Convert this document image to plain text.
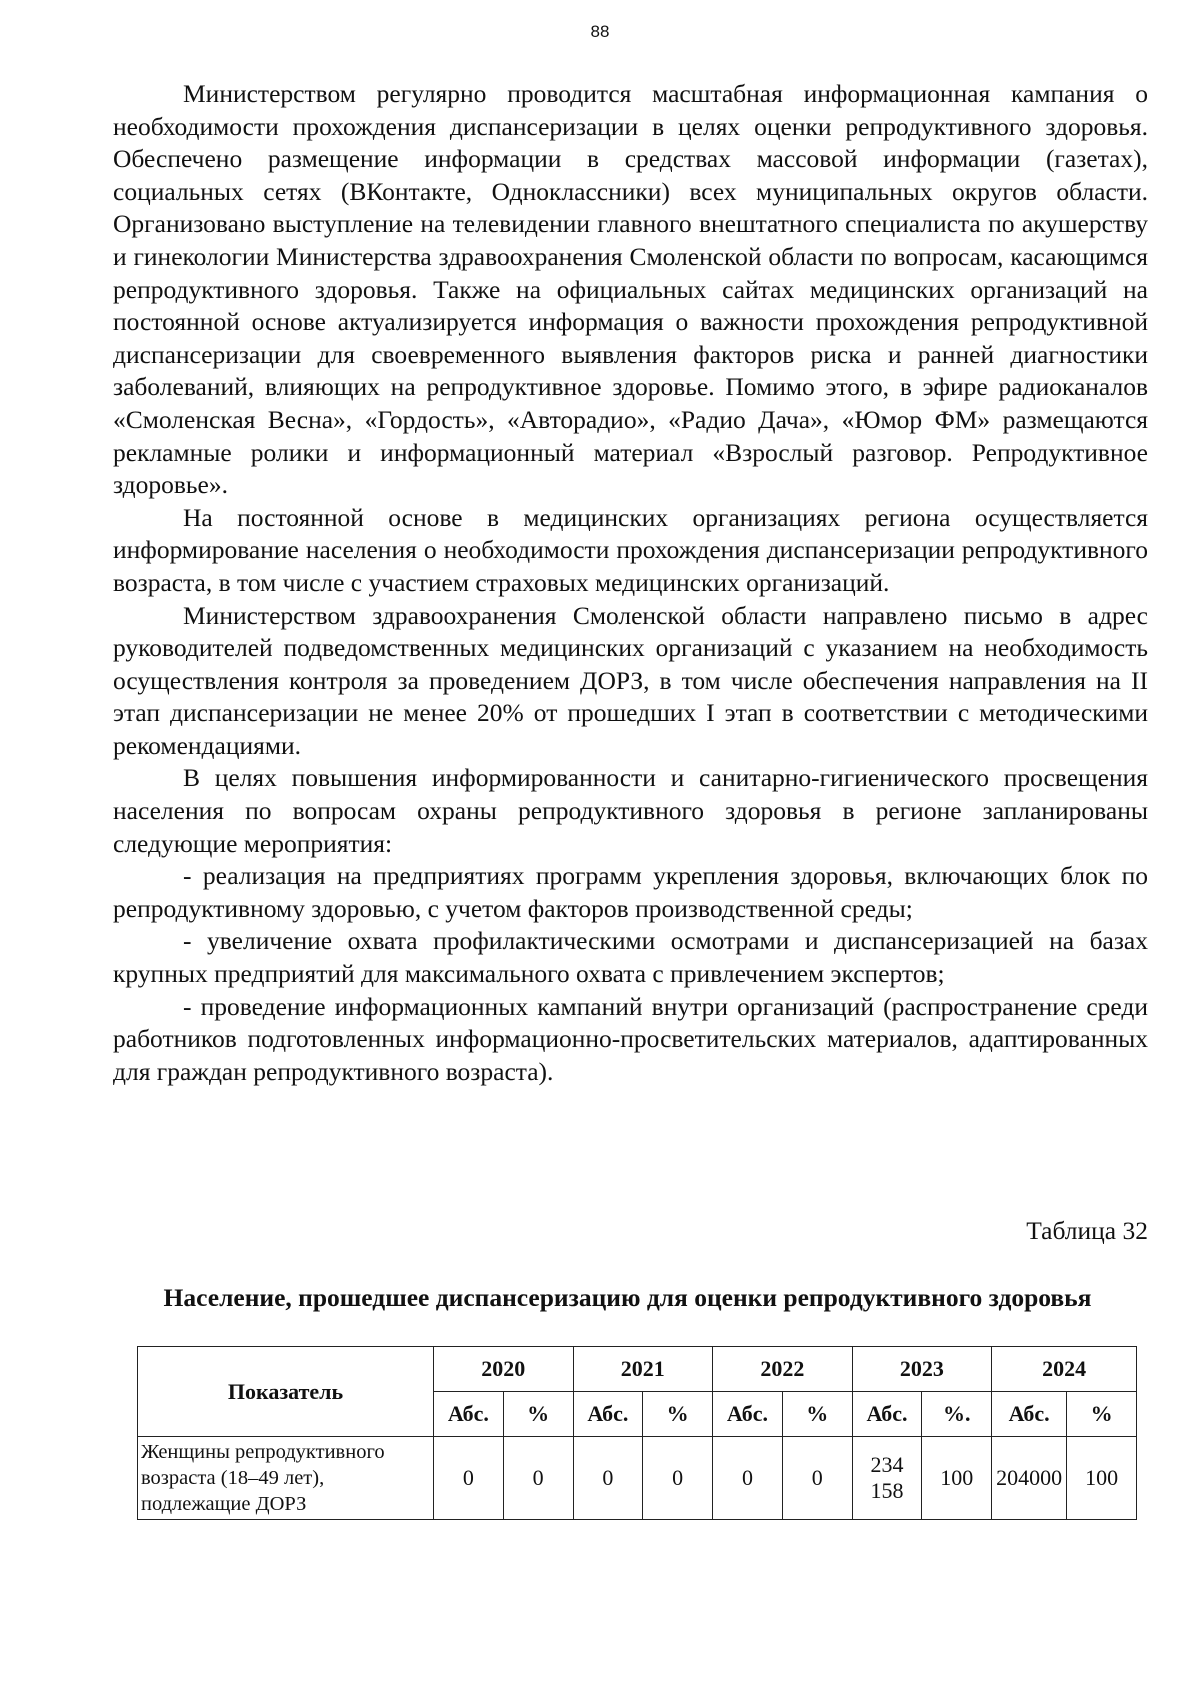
88

Министерством регулярно проводится масштабная информационная кампания о необходимости прохождения диспансеризации в целях оценки репродуктивного здоровья. Обеспечено размещение информации в средствах массовой информации (газетах), социальных сетях (ВКонтакте, Одноклассники) всех муниципальных округов области. Организовано выступление на телевидении главного внештатного специалиста по акушерству и гинекологии Министерства здравоохранения Смоленской области по вопросам, касающимся репродуктивного здоровья. Также на официальных сайтах медицинских организаций на постоянной основе актуализируется информация о важности прохождения репродуктивной диспансеризации для своевременного выявления факторов риска и ранней диагностики заболеваний, влияющих на репродуктивное здоровье. Помимо этого, в эфире радиоканалов «Смоленская Весна», «Гордость», «Авторадио», «Радио Дача», «Юмор ФМ» размещаются рекламные ролики и информационный материал «Взрослый разговор. Репродуктивное здоровье».

На постоянной основе в медицинских организациях региона осуществляется информирование населения о необходимости прохождения диспансеризации репродуктивного возраста, в том числе с участием страховых медицинских организаций.

Министерством здравоохранения Смоленской области направлено письмо в адрес руководителей подведомственных медицинских организаций с указанием на необходимость осуществления контроля за проведением ДОРЗ, в том числе обеспечения направления на II этап диспансеризации не менее 20% от прошедших I этап в соответствии с методическими рекомендациями.

В целях повышения информированности и санитарно-гигиенического просвещения населения по вопросам охраны репродуктивного здоровья в регионе запланированы следующие мероприятия:

- реализация на предприятиях программ укрепления здоровья, включающих блок по репродуктивному здоровью, с учетом факторов производственной среды;

- увеличение охвата профилактическими осмотрами и диспансеризацией на базах крупных предприятий для максимального охвата с привлечением экспертов;

- проведение информационных кампаний внутри организаций (распространение среди работников подготовленных информационно-просветительских материалов, адаптированных для граждан репродуктивного возраста).

Таблица 32
Население, прошедшее диспансеризацию для оценки репродуктивного здоровья
Показатель	2020		2021		2022		2023		2024	
	Абс.	%	Абс.	%	Абс.	%	Абс.	%.	Абс.	%
Женщины репродуктивного возраста (18–49 лет), подлежащие ДОРЗ	0	0	0	0	0	0	234 158	100	204000	100
